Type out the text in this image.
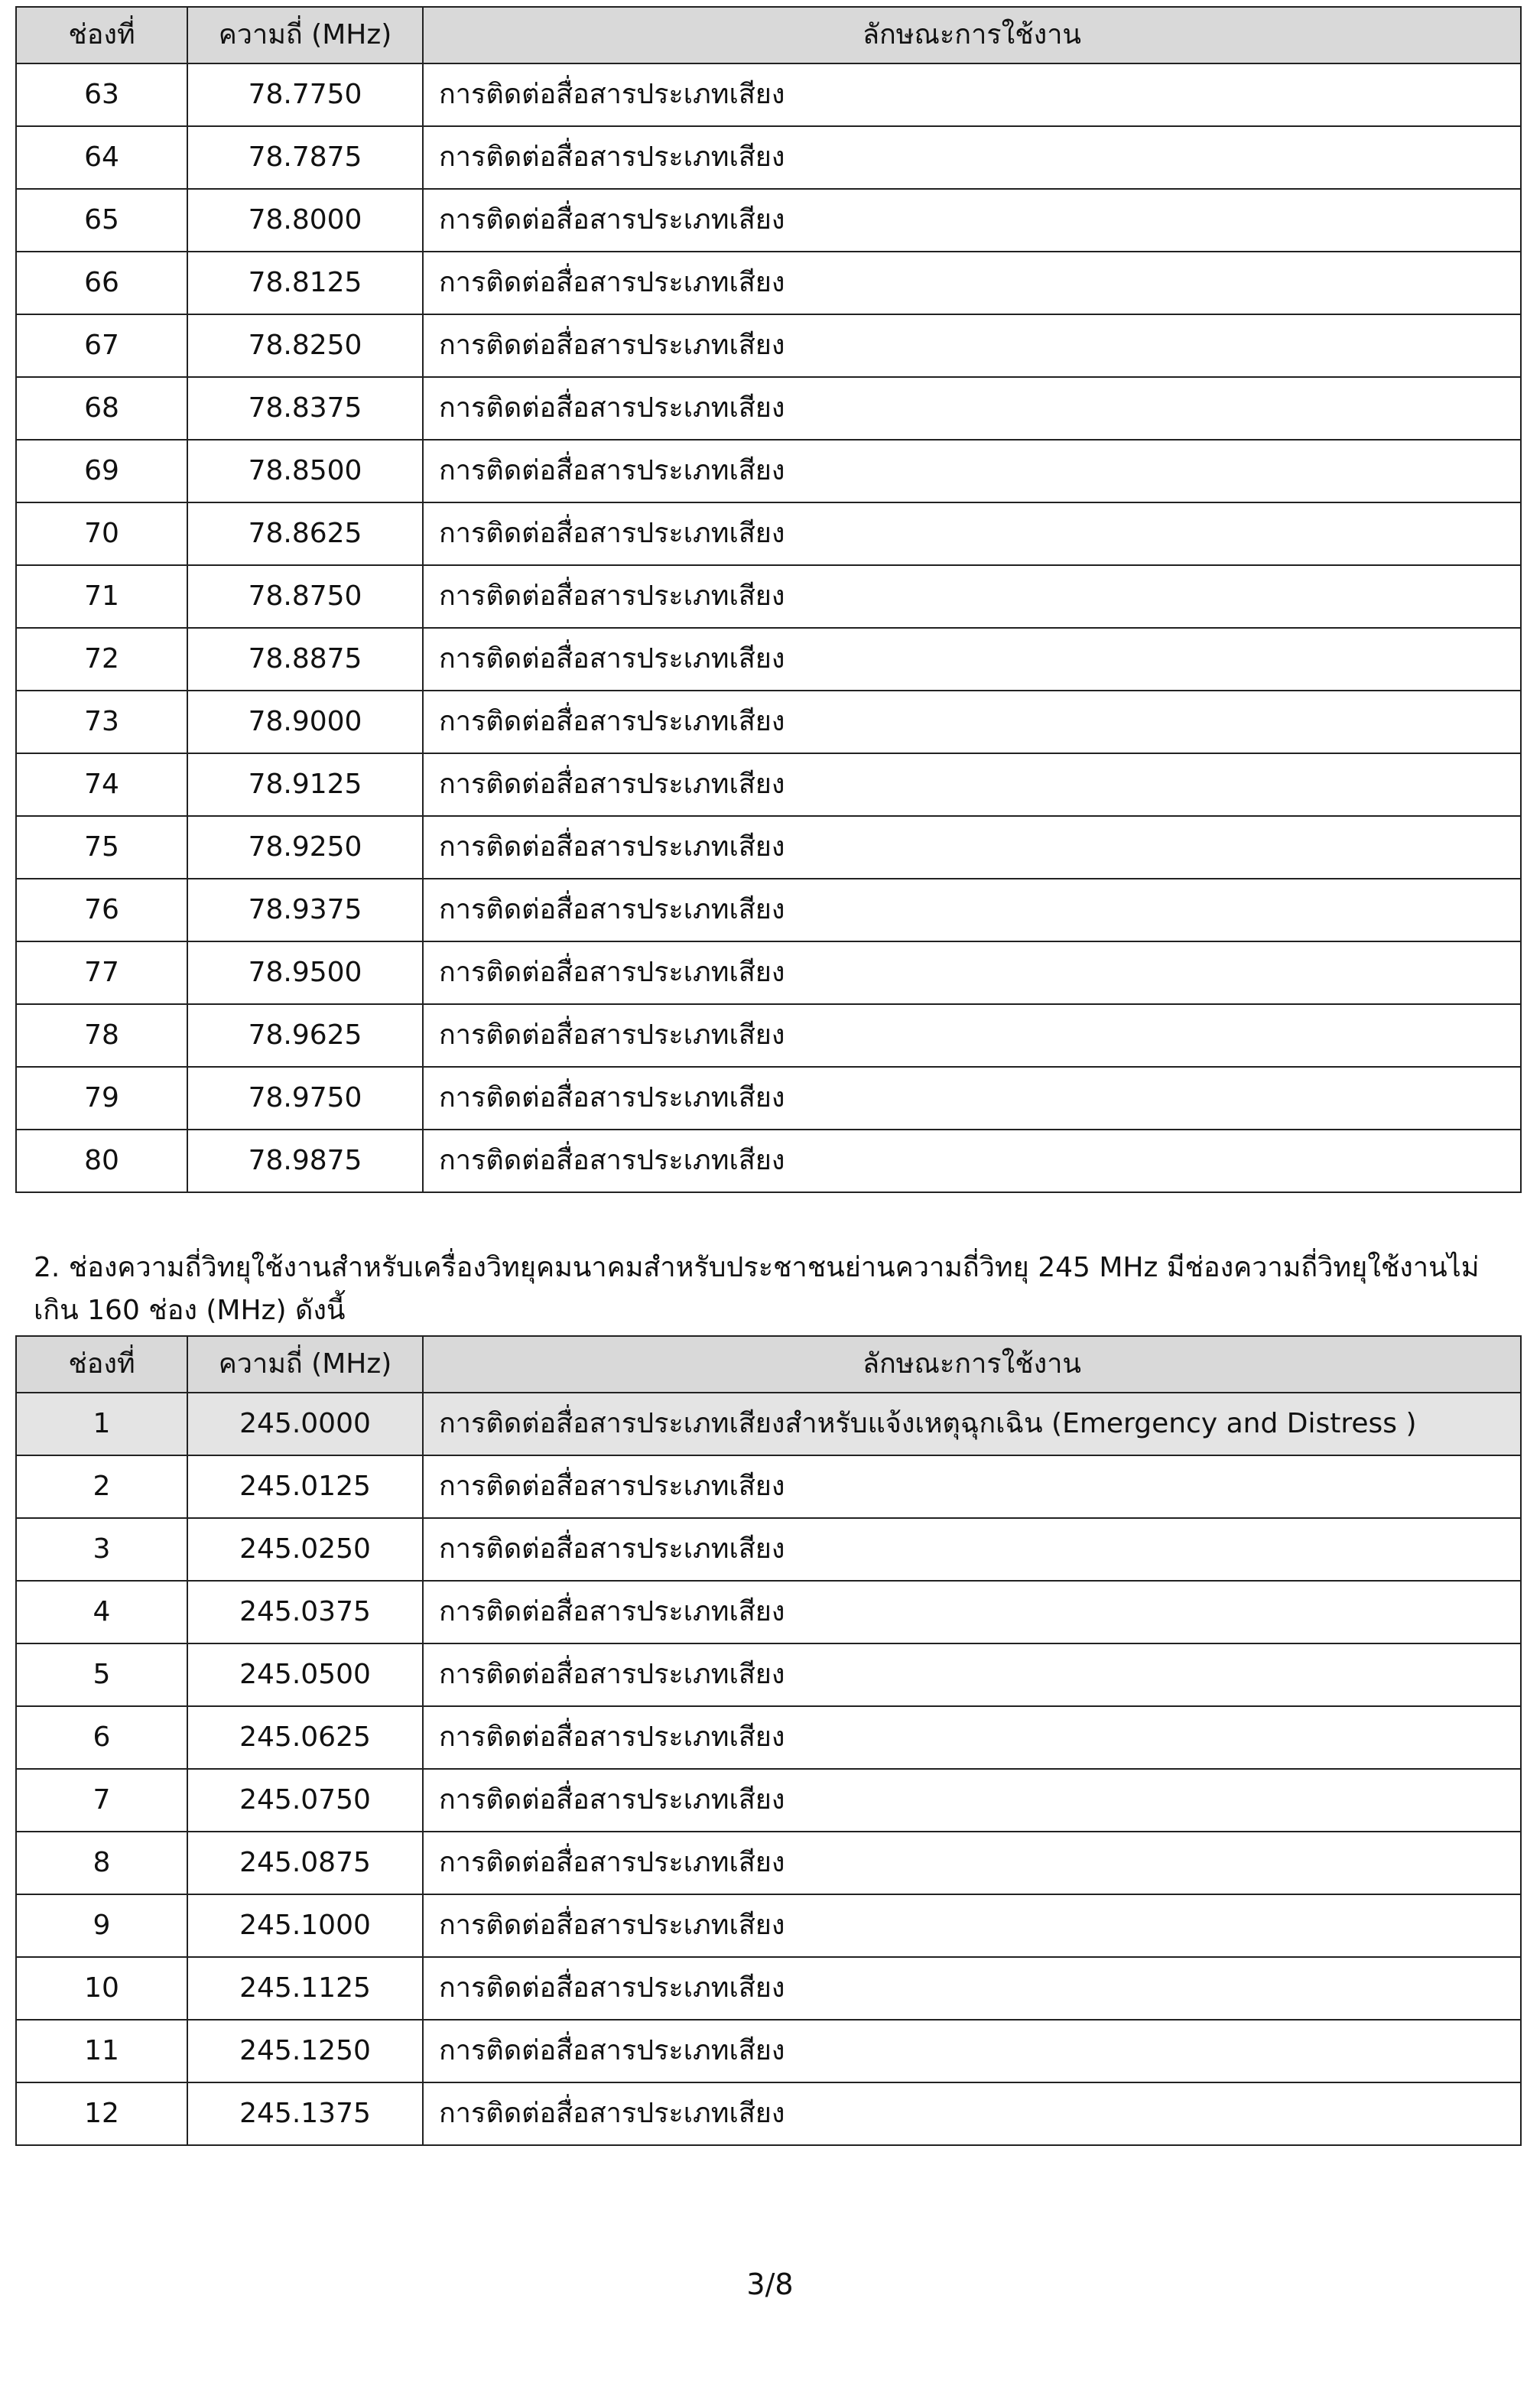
ช่องที่	ความถี่ (MHz)	ลักษณะการใช้งาน
63	78.7750	การติดต่อสื่อสารประเภทเสียง
64	78.7875	การติดต่อสื่อสารประเภทเสียง
65	78.8000	การติดต่อสื่อสารประเภทเสียง
66	78.8125	การติดต่อสื่อสารประเภทเสียง
67	78.8250	การติดต่อสื่อสารประเภทเสียง
68	78.8375	การติดต่อสื่อสารประเภทเสียง
69	78.8500	การติดต่อสื่อสารประเภทเสียง
70	78.8625	การติดต่อสื่อสารประเภทเสียง
71	78.8750	การติดต่อสื่อสารประเภทเสียง
72	78.8875	การติดต่อสื่อสารประเภทเสียง
73	78.9000	การติดต่อสื่อสารประเภทเสียง
74	78.9125	การติดต่อสื่อสารประเภทเสียง
75	78.9250	การติดต่อสื่อสารประเภทเสียง
76	78.9375	การติดต่อสื่อสารประเภทเสียง
77	78.9500	การติดต่อสื่อสารประเภทเสียง
78	78.9625	การติดต่อสื่อสารประเภทเสียง
79	78.9750	การติดต่อสื่อสารประเภทเสียง
80	78.9875	การติดต่อสื่อสารประเภทเสียง
2. ช่องความถี่วิทยุใช้งานสำหรับเครื่องวิทยุคมนาคมสำหรับประชาชนย่านความถี่วิทยุ 245 MHz มีช่องความถี่วิทยุใช้งานไม่เกิน 160 ช่อง (MHz) ดังนี้
ช่องที่	ความถี่ (MHz)	ลักษณะการใช้งาน
1	245.0000	การติดต่อสื่อสารประเภทเสียงสำหรับแจ้งเหตุฉุกเฉิน (Emergency and Distress )
2	245.0125	การติดต่อสื่อสารประเภทเสียง
3	245.0250	การติดต่อสื่อสารประเภทเสียง
4	245.0375	การติดต่อสื่อสารประเภทเสียง
5	245.0500	การติดต่อสื่อสารประเภทเสียง
6	245.0625	การติดต่อสื่อสารประเภทเสียง
7	245.0750	การติดต่อสื่อสารประเภทเสียง
8	245.0875	การติดต่อสื่อสารประเภทเสียง
9	245.1000	การติดต่อสื่อสารประเภทเสียง
10	245.1125	การติดต่อสื่อสารประเภทเสียง
11	245.1250	การติดต่อสื่อสารประเภทเสียง
12	245.1375	การติดต่อสื่อสารประเภทเสียง
3/8
